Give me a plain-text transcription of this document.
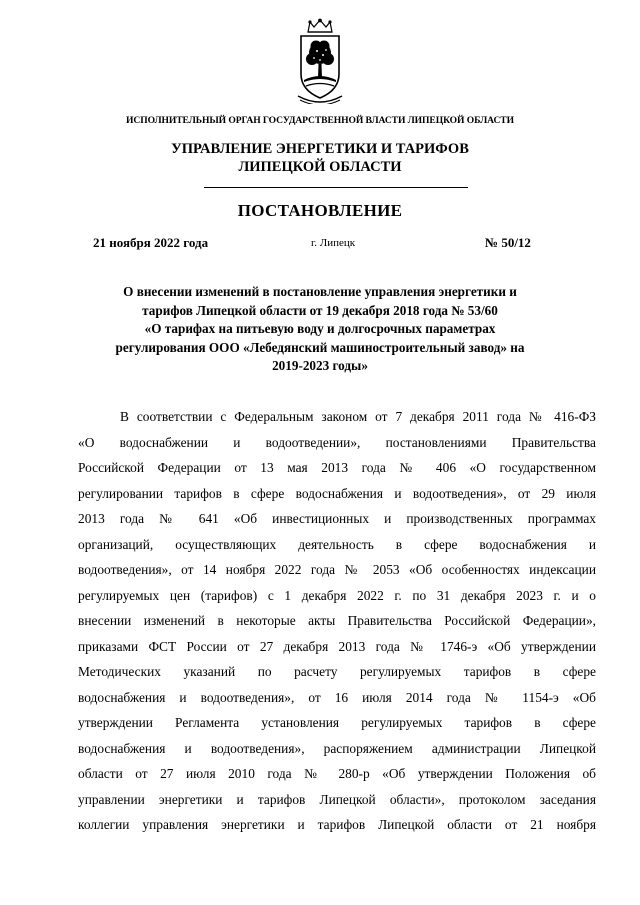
ИСПОЛНИТЕЛЬНЫЙ ОРГАН ГОСУДАРСТВЕННОЙ ВЛАСТИ ЛИПЕЦКОЙ ОБЛАСТИ
УПРАВЛЕНИЕ ЭНЕРГЕТИКИ И ТАРИФОВ
ЛИПЕЦКОЙ ОБЛАСТИ
ПОСТАНОВЛЕНИЕ
21 ноября 2022 года	г. Липецк	№ 50/12
О внесении изменений в постановление управления энергетики и
тарифов Липецкой области от 19 декабря 2018 года № 53/60
«О тарифах на питьевую воду и долгосрочных параметрах
регулирования ООО «Лебедянский машиностроительный завод» на
2019-2023 годы»
В соответствии с Федеральным законом от 7 декабря 2011 года № 416-ФЗ
«О водоснабжении и водоотведении», постановлениями Правительства
Российской Федерации от 13 мая 2013 года № 406 «О государственном
регулировании тарифов в сфере водоснабжения и водоотведения», от 29 июля
2013 года № 641 «Об инвестиционных и производственных программах
организаций, осуществляющих деятельность в сфере водоснабжения и
водоотведения», от 14 ноября 2022 года № 2053 «Об особенностях индексации
регулируемых цен (тарифов) с 1 декабря 2022 г. по 31 декабря 2023 г. и о
внесении изменений в некоторые акты Правительства Российской Федерации»,
приказами ФСТ России от 27 декабря 2013 года № 1746-э «Об утверждении
Методических указаний по расчету регулируемых тарифов в сфере
водоснабжения и водоотведения», от 16 июля 2014 года № 1154-э «Об
утверждении Регламента установления регулируемых тарифов в сфере
водоснабжения и водоотведения», распоряжением администрации Липецкой
области от 27 июля 2010 года № 280-р «Об утверждении Положения об
управлении энергетики и тарифов Липецкой области», протоколом заседания
коллегии управления энергетики и тарифов Липецкой области от 21 ноября
